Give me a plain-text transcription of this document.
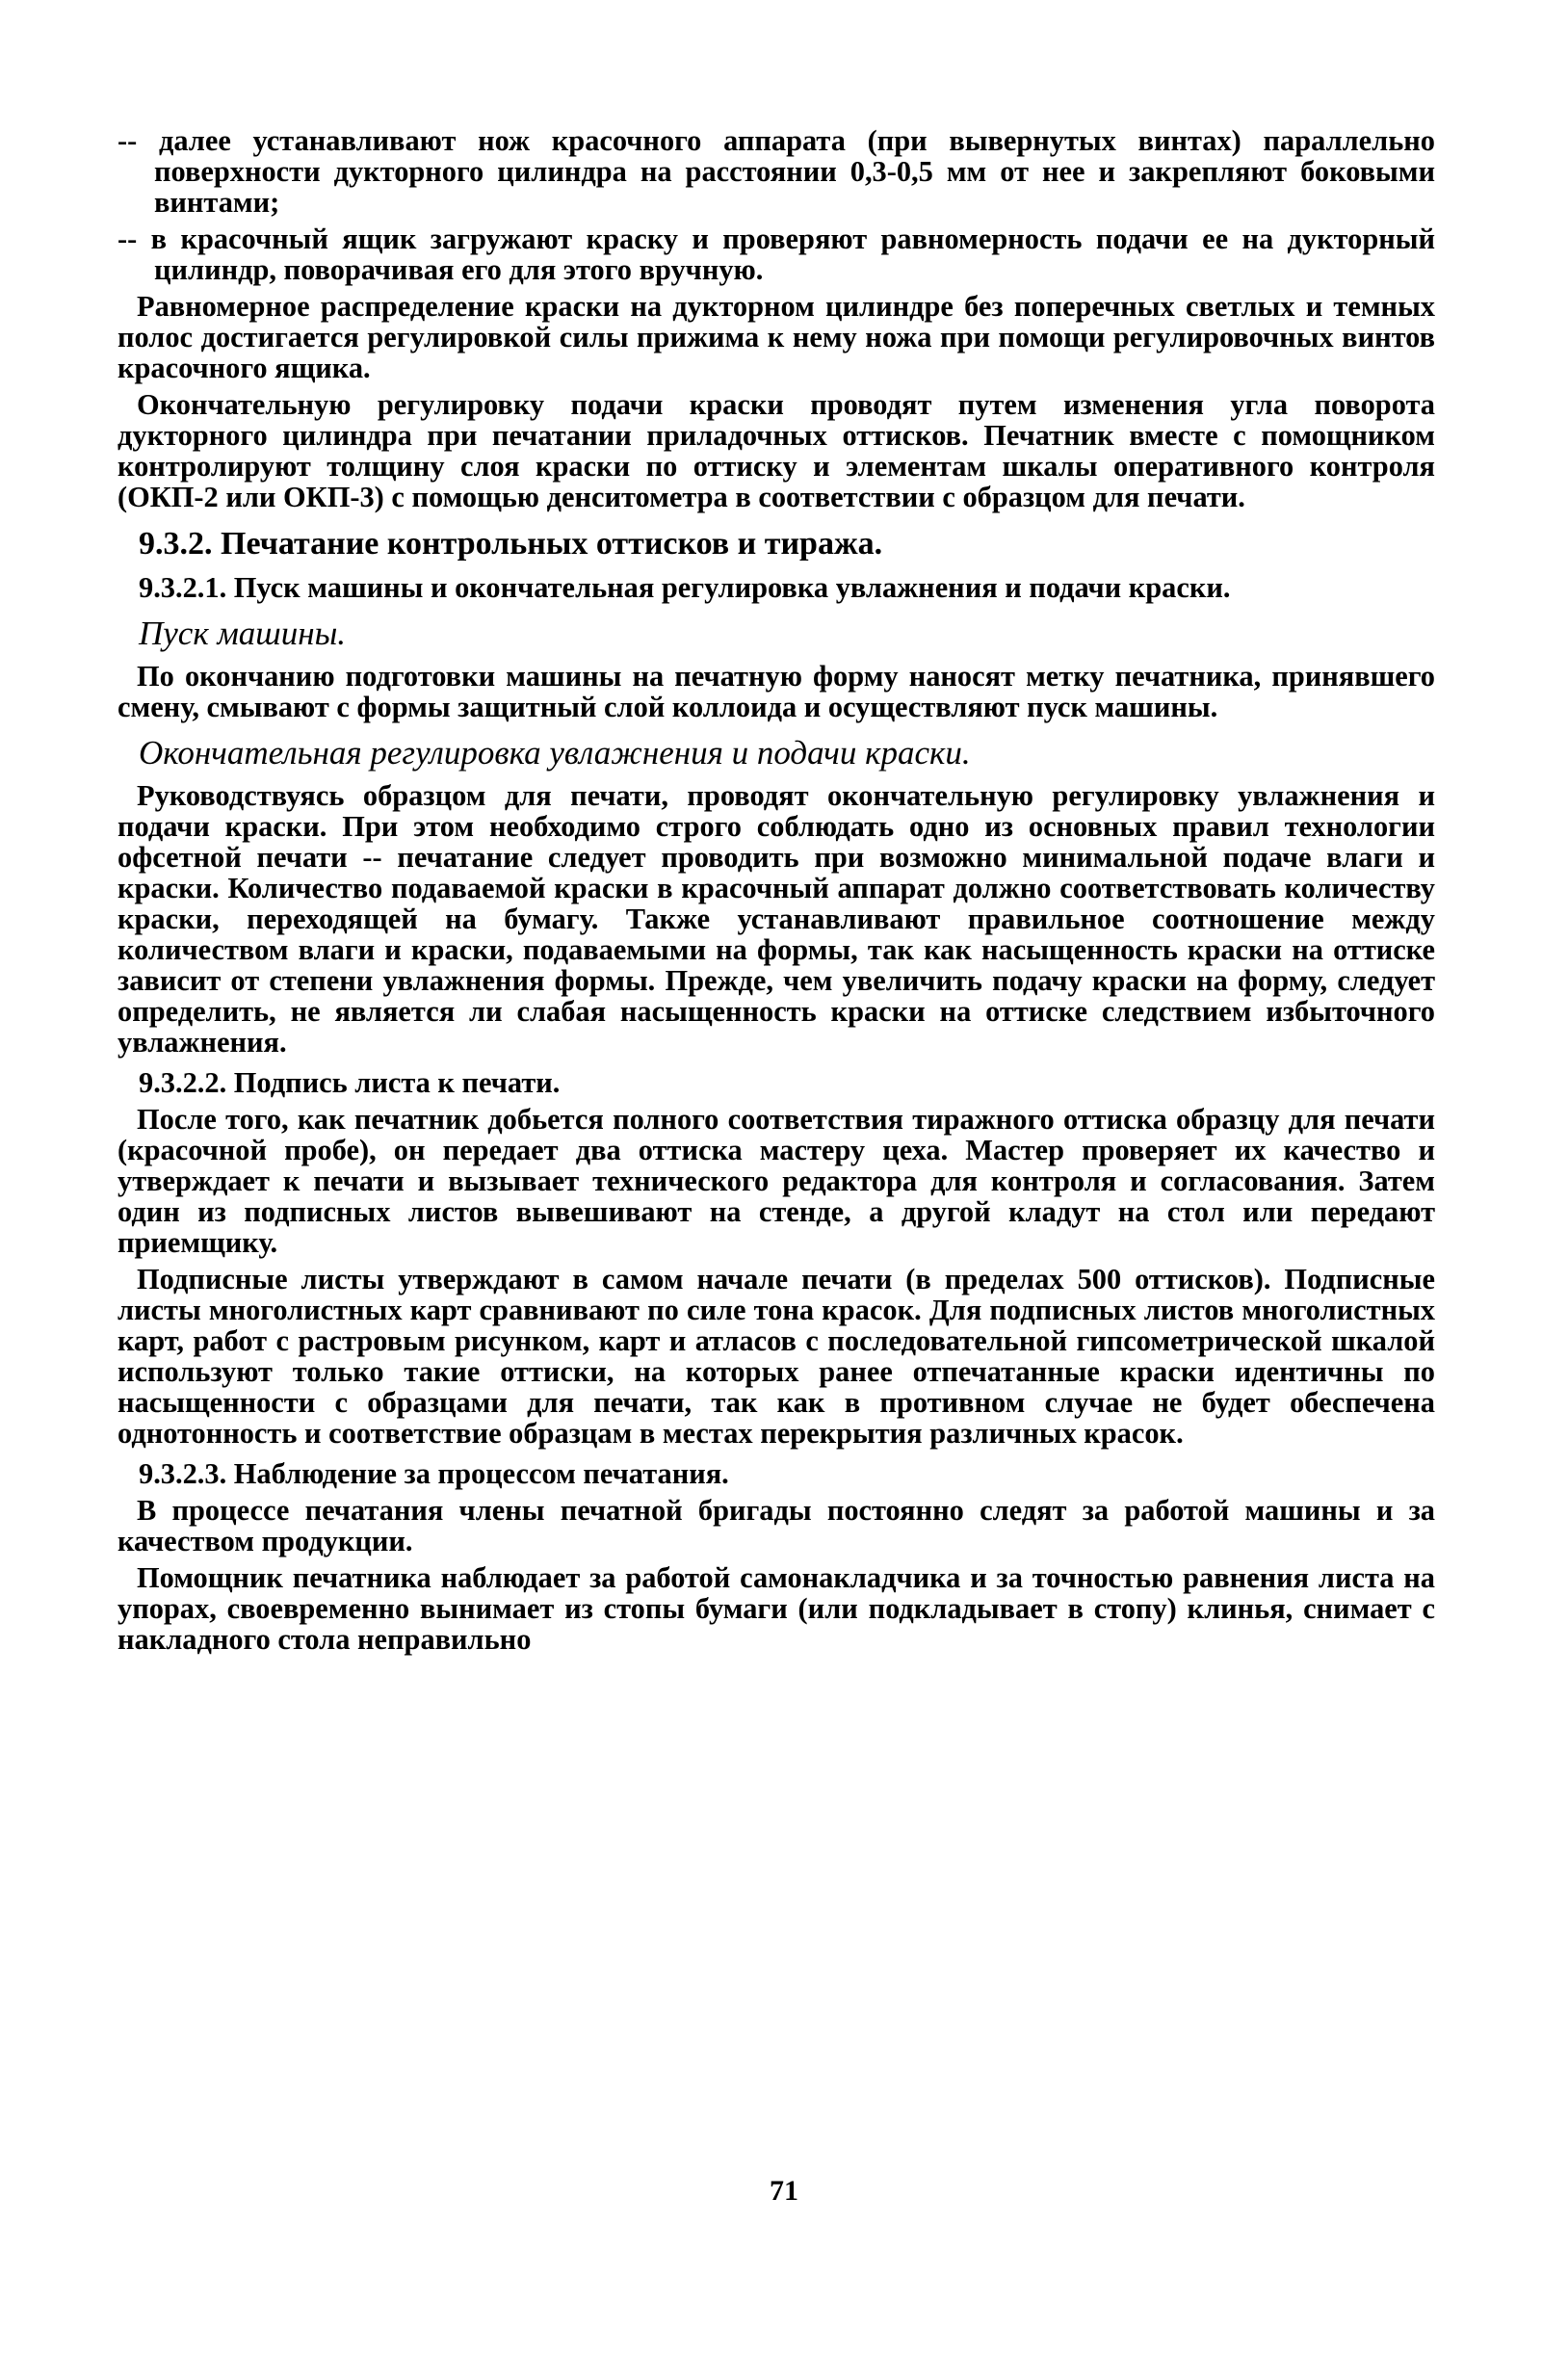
-- далее устанавливают нож красочного аппарата (при вывернутых винтах) параллельно поверхности дукторного цилиндра на расстоянии 0,3-0,5 мм от нее и закрепляют боковыми винтами;

-- в красочный ящик загружают краску и проверяют равномерность подачи ее на дукторный цилиндр, поворачивая его для этого вручную.

Равномерное распределение краски на дукторном цилиндре без поперечных светлых и темных полос достигается регулировкой силы прижима к нему ножа при помощи регулировочных винтов красочного ящика.

Окончательную регулировку подачи краски проводят путем изменения угла поворота дукторного цилиндра при печатании приладочных оттисков. Печатник вместе с помощником контролируют толщину слоя краски по оттиску и элементам шкалы оперативного контроля (ОКП-2 или ОКП-3) с помощью денситометра в соответствии с образцом для печати.

9.3.2. Печатание контрольных оттисков и тиража.

9.3.2.1. Пуск машины и окончательная регулировка увлажнения и подачи краски.

Пуск машины.

По окончанию подготовки машины на печатную форму наносят метку печатника, принявшего смену, смывают с формы защитный слой коллоида и осуществляют пуск машины.

Окончательная регулировка увлажнения и подачи краски.

Руководствуясь образцом для печати, проводят окончательную регулировку увлажнения и подачи краски. При этом необходимо строго соблюдать одно из основных правил технологии офсетной печати -- печатание следует проводить при возможно минимальной подаче влаги и краски. Количество подаваемой краски в красочный аппарат должно соответствовать количеству краски, переходящей на бумагу. Также устанавливают правильное соотношение между количеством влаги и краски, подаваемыми на формы, так как насыщенность краски на оттиске зависит от степени увлажнения формы. Прежде, чем увеличить подачу краски на форму, следует определить, не является ли слабая насыщенность краски на оттиске следствием избыточного увлажнения.

9.3.2.2. Подпись листа к печати.

После того, как печатник добьется полного соответствия тиражного оттиска образцу для печати (красочной пробе), он передает два оттиска мастеру цеха. Мастер проверяет их качество и утверждает к печати и вызывает технического редактора для контроля и согласования. Затем один из подписных листов вывешивают на стенде, а другой кладут на стол или передают приемщику.

Подписные листы утверждают в самом начале печати (в пределах 500 оттисков). Подписные листы многолистных карт сравнивают по силе тона красок. Для подписных листов многолистных карт, работ с растровым рисунком, карт и атласов с последовательной гипсометрической шкалой используют только такие оттиски, на которых ранее отпечатанные краски идентичны по насыщенности с образцами для печати, так как в противном случае не будет обеспечена однотонность и соответствие образцам в местах перекрытия различных красок.

9.3.2.3. Наблюдение за процессом печатания.

В процессе печатания члены печатной бригады постоянно следят за работой машины и за качеством продукции.

Помощник печатника наблюдает за работой самонакладчика и за точностью равнения листа на упорах, своевременно вынимает из стопы бумаги (или подкладывает в стопу) клинья, снимает с накладного стола неправильно

71
